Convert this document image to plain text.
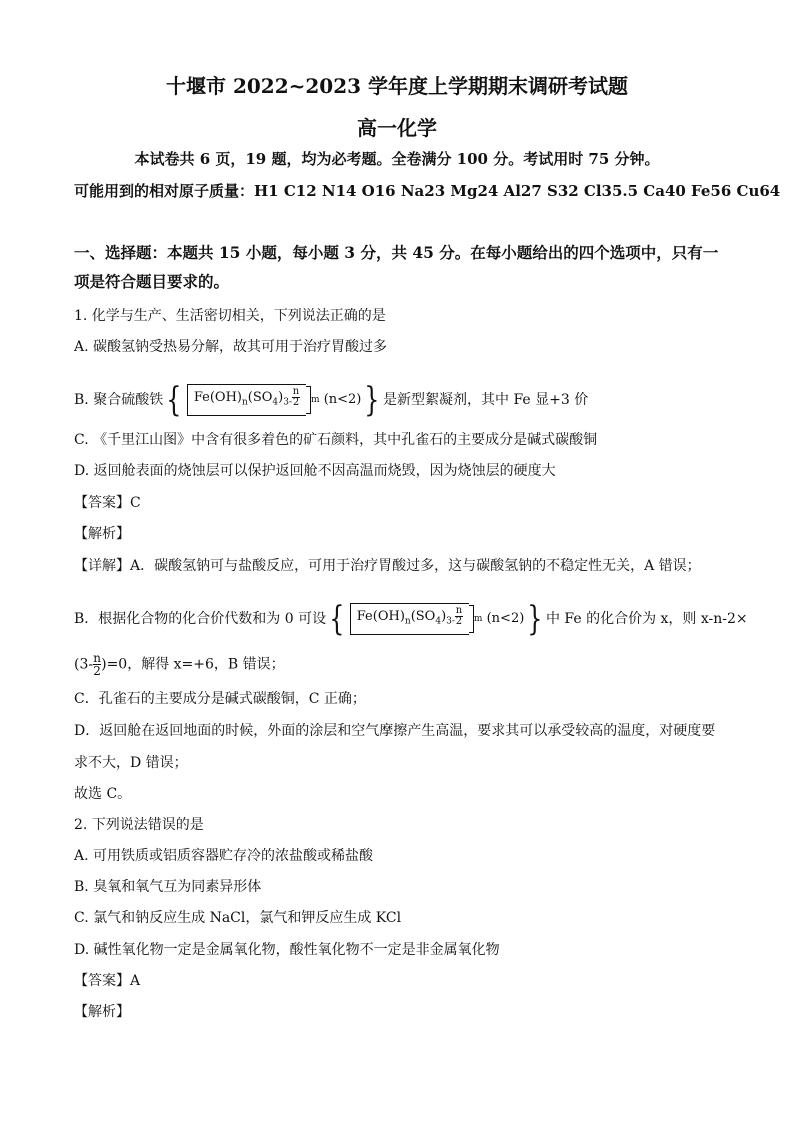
十堰市 2022~2023 学年度上学期期末调研考试题
高一化学
本试卷共 6 页，19 题，均为必考题。全卷满分 100 分。考试用时 75 分钟。
可能用到的相对原子质量：H1 C12 N14 O16 Na23 Mg24 Al27 S32 Cl35.5 Ca40 Fe56 Cu64
一、选择题：本题共 15 小题，每小题 3 分，共 45 分。在每小题给出的四个选项中，只有一
项是符合题目要求的。
1. 化学与生产、生活密切相关，下列说法正确的是
A. 碳酸氢钠受热易分解，故其可用于治疗胃酸过多
B. 聚合硫酸铁 { $Fe(OH)_n(SO_4)_{3-} \frac{n}{2}$ m
(n<2) } 是新型絮凝剂，其中 Fe 显+3 价
C. 《千里江山图》中含有很多着色的矿石颜料，其中孔雀石的主要成分是碱式碳酸铜
D. 返回舱表面的烧蚀层可以保护返回舱不因高温而烧毁，因为烧蚀层的硬度大
【答案】C
【解析】
【详解】A．碳酸氢钠可与盐酸反应，可用于治疗胃酸过多，这与碳酸氢钠的不稳定性无关，A 错误；
B．根据化合物的化合价代数和为 0 可设 { $Fe(OH)_n(SO_4)_{3-} \frac{n}{2}$ m
(n<2) } 中 Fe 的化合价为 x，则 x-n-2×
$(3- \frac{n}{2} )=0$，解得 x=+6，B 错误；
C．孔雀石的主要成分是碱式碳酸铜，C 正确；
D．返回舱在返回地面的时候，外面的涂层和空气摩擦产生高温，要求其可以承受较高的温度，对硬度要
求不大，D 错误；
故选 C。
2. 下列说法错误的是
A. 可用铁质或铝质容器贮存冷的浓盐酸或稀盐酸
B. 臭氧和氧气互为同素异形体
C. 氯气和钠反应生成 NaCl，氯气和钾反应生成 KCl
D. 碱性氧化物一定是金属氧化物，酸性氧化物不一定是非金属氧化物
【答案】A
【解析】
